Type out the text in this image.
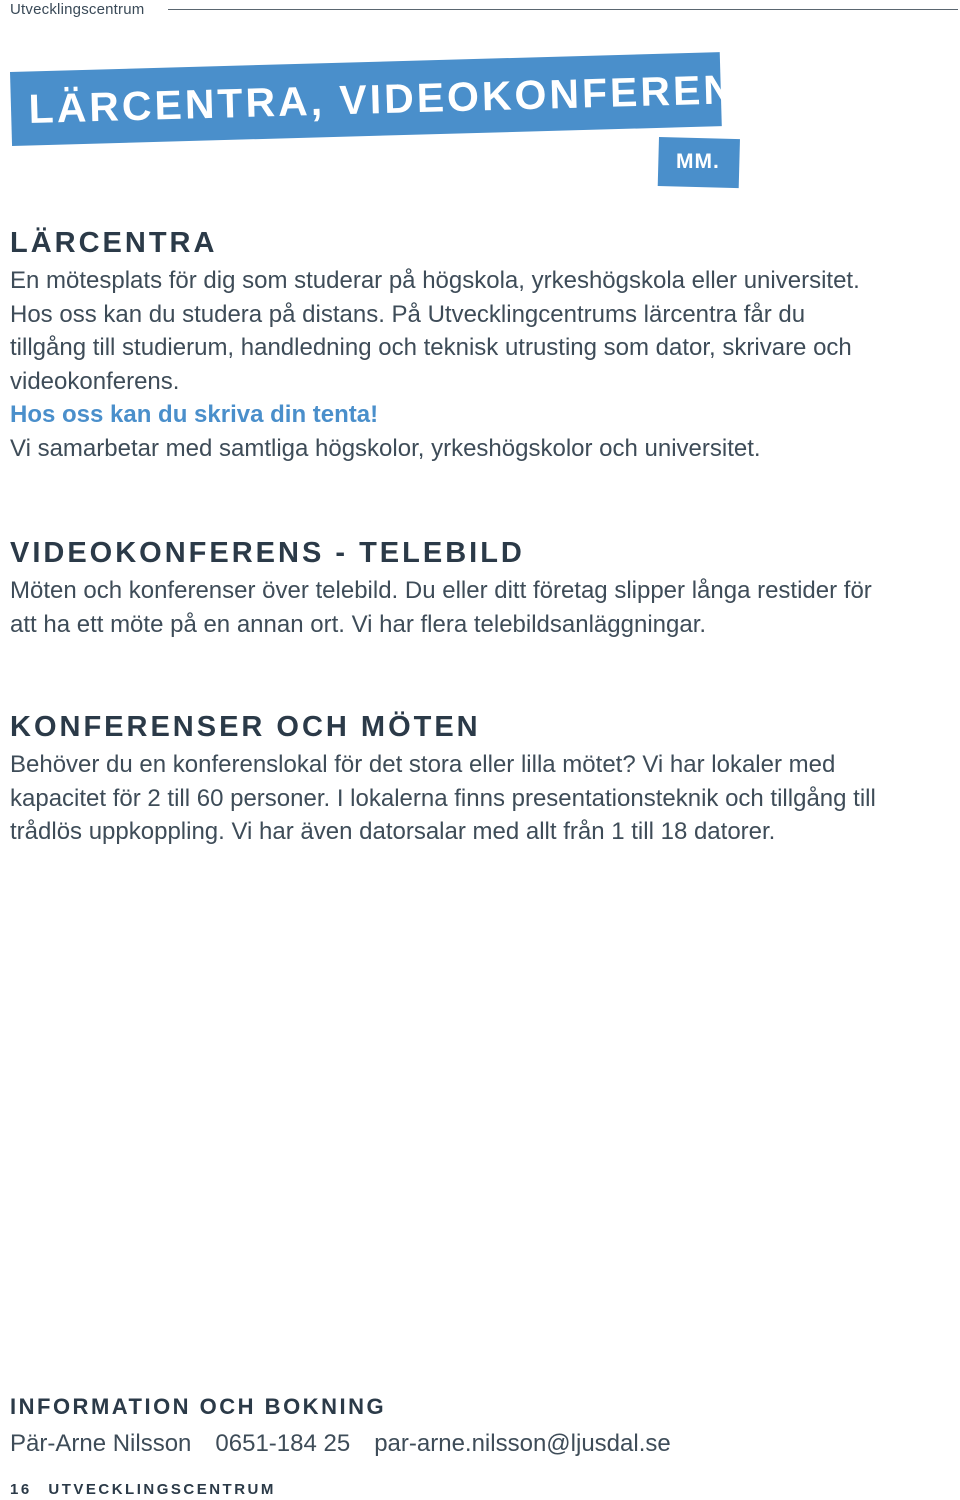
Utvecklingscentrum
LÄRCENTRA, VIDEOKONFERENS
MM.
LÄRCENTRA

En mötesplats för dig som studerar på högskola, yrkeshögskola eller universitet.

Hos oss kan du studera på distans. På Utvecklingcentrums lärcentra får du

tillgång till studierum, handledning och teknisk utrusting som dator, skrivare och

videokonferens.

Hos oss kan du skriva din tenta!

Vi samarbetar med samtliga högskolor, yrkeshögskolor och universitet.

VIDEOKONFERENS - TELEBILD

Möten och konferenser över telebild. Du eller ditt företag slipper långa restider för

att ha ett möte på en annan ort. Vi har flera telebildsanläggningar.

KONFERENSER OCH MÖTEN

Behöver du en konferenslokal för det stora eller lilla mötet? Vi har lokaler med

kapacitet för 2 till 60 personer. I lokalerna finns presentationsteknik och tillgång till

trådlös uppkoppling. Vi har även datorsalar med allt från 1 till 18 datorer.

INFORMATION OCH BOKNING
Pär-Arne Nilsson 0651-184 25 par-arne.nilsson@ljusdal.se
16 UTVECKLINGSCENTRUM
